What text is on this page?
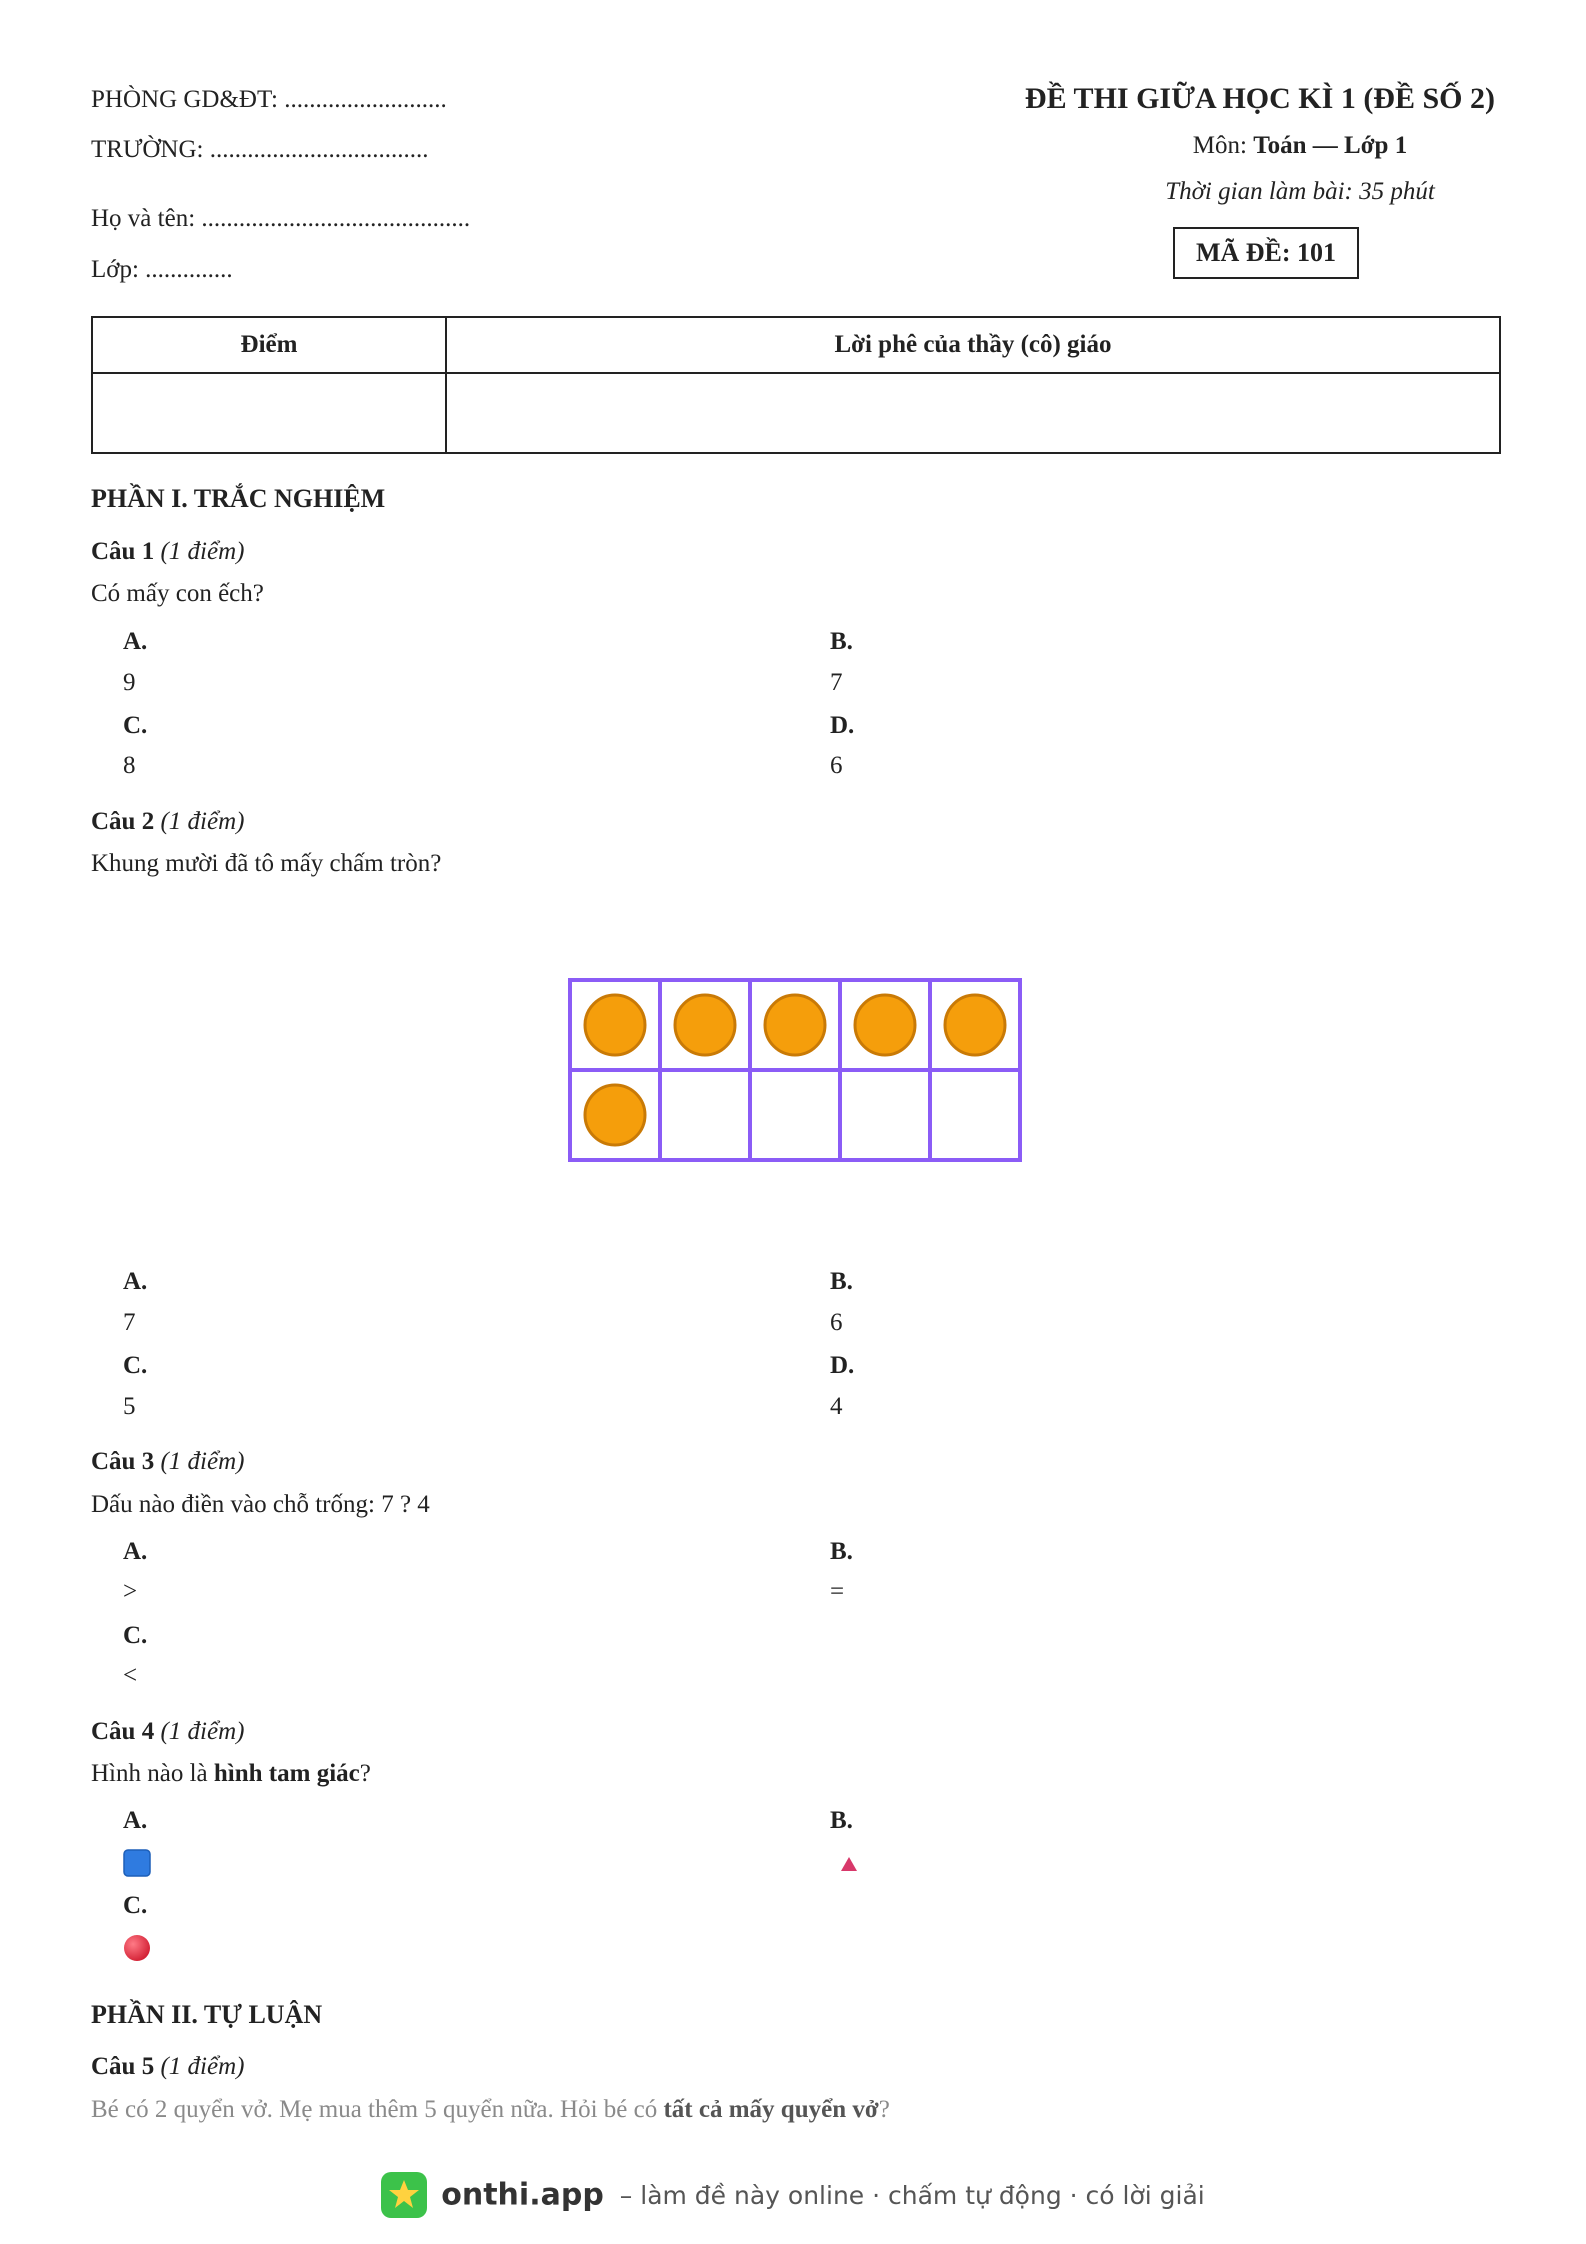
PHÒNG GD&ĐT: ..........................
TRƯỜNG: ...................................
Họ và tên: ...........................................
Lớp: ..............
ĐỀ THI GIỮA HỌC KÌ 1 (ĐỀ SỐ 2)
Môn: Toán — Lớp 1
Thời gian làm bài: 35 phút
MÃ ĐỀ: 101
Điểm	Lời phê của thầy (cô) giáo

PHẦN I. TRẮC NGHIỆM
Câu 1 (1 điểm)
Có mấy con ếch?
A.
9
B.
7
C.
8
D.
6
Câu 2 (1 điểm)
Khung mười đã tô mấy chấm tròn?
A.
7
B.
6
C.
5
D.
4
Câu 3 (1 điểm)
Dấu nào điền vào chỗ trống: 7 ? 4
A.
>
B.
=
C.
<
Câu 4 (1 điểm)
Hình nào là hình tam giác?
A.	B.
C.
PHẦN II. TỰ LUẬN
Câu 5 (1 điểm)
Bé có 2 quyển vở. Mẹ mua thêm 5 quyển nữa. Hỏi bé có tất cả mấy quyển vở?
onthi.app – làm đề này online · chấm tự động · có lời giải
